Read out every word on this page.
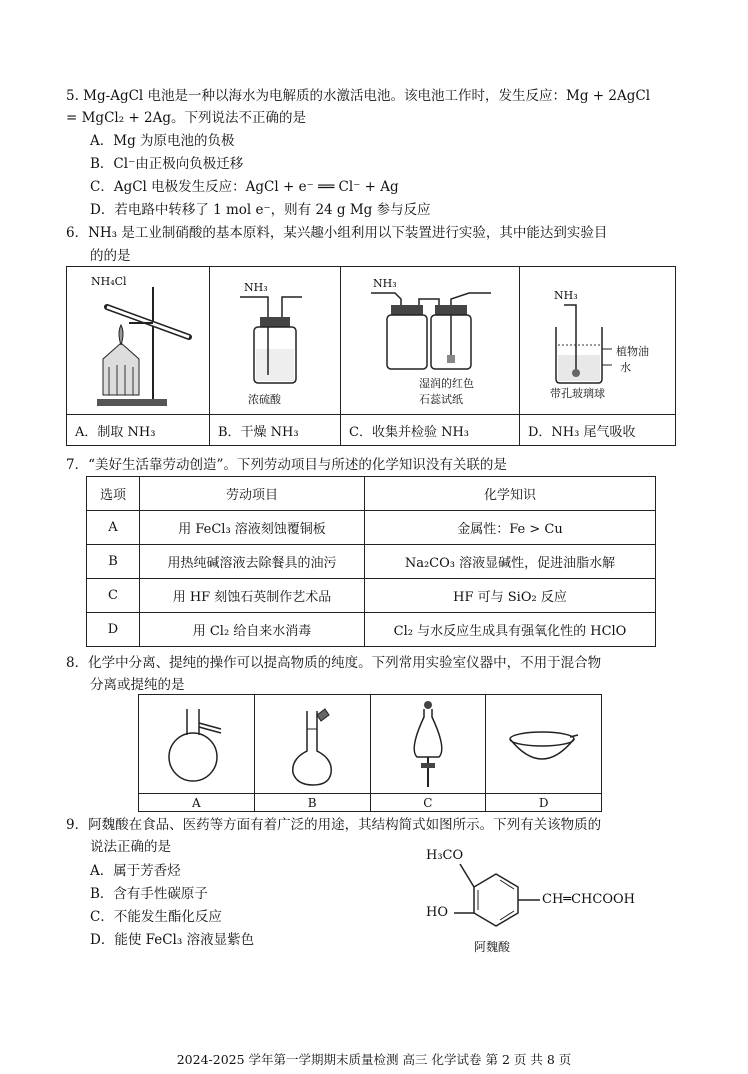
5. Mg-AgCl 电池是一种以海水为电解质的水激活电池。该电池工作时，发生反应：Mg + 2AgCl
= MgCl₂ + 2Ag。下列说法不正确的是
A．Mg 为原电池的负极
B．Cl⁻由正极向负极迁移
C．AgCl 电极发生反应：AgCl + e⁻ ══ Cl⁻ + Ag
D．若电路中转移了 1 mol e⁻，则有 24 g Mg 参与反应
6．NH₃ 是工业制硝酸的基本原料，某兴趣小组利用以下装置进行实验，其中能达到实验目
的的是
NH₄Cl	NH₃
浓硫酸	NH₃
湿润的红色
石蕊试纸	NH₃
植物油
水
带孔玻璃球

A．制取 NH₃	B．干燥 NH₃	C．收集并检验 NH₃	D．NH₃ 尾气吸收
7．“美好生活靠劳动创造”。下列劳动项目与所述的化学知识没有关联的是
选项	劳动项目	化学知识
A	用 FeCl₃ 溶液刻蚀覆铜板	金属性：Fe > Cu
B	用热纯碱溶液去除餐具的油污	Na₂CO₃ 溶液显碱性，促进油脂水解
C	用 HF 刻蚀石英制作艺术品	HF 可与 SiO₂ 反应
D	用 Cl₂ 给自来水消毒	Cl₂ 与水反应生成具有强氧化性的 HClO
8．化学中分离、提纯的操作可以提高物质的纯度。下列常用实验室仪器中，不用于混合物
分离或提纯的是

A	B	C	D
9．阿魏酸在食品、医药等方面有着广泛的用途，其结构简式如图所示。下列有关该物质的
说法正确的是
A．属于芳香烃
B．含有手性碳原子
C．不能发生酯化反应
D．能使 FeCl₃ 溶液显紫色
H₃CO
HO
CH═CHCOOH
阿魏酸
2024-2025 学年第一学期期末质量检测 高三 化学试卷 第 2 页 共 8 页
